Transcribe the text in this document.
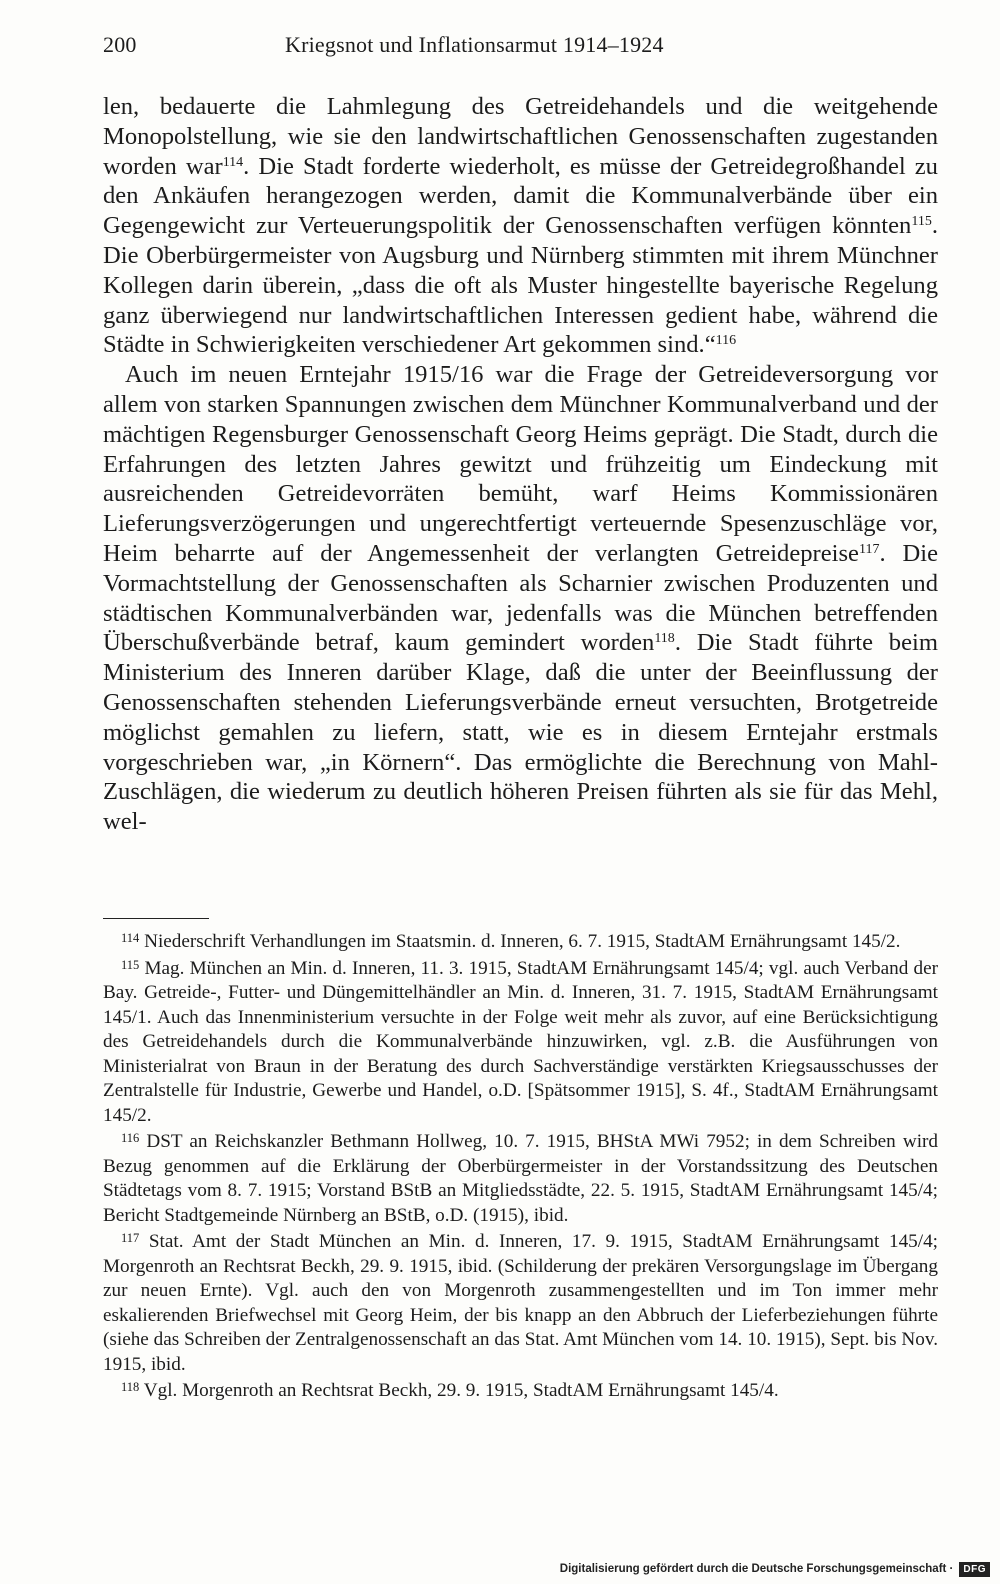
200	Kriegsnot und Inflationsarmut 1914–1924

len, bedauerte die Lahmlegung des Getreidehandels und die weitgehende Monopolstellung, wie sie den landwirtschaftlichen Genossenschaften zugestanden worden war$^{114}$. Die Stadt forderte wiederholt, es müsse der Getreidegroßhandel zu den Ankäufen herangezogen werden, damit die Kommunalverbände über ein Gegengewicht zur Verteuerungspolitik der Genossenschaften verfügen könnten$^{115}$. Die Oberbürgermeister von Augsburg und Nürnberg stimmten mit ihrem Münchner Kollegen darin überein, „dass die oft als Muster hingestellte bayerische Regelung ganz überwiegend nur landwirtschaftlichen Interessen gedient habe, während die Städte in Schwierigkeiten verschiedener Art gekommen sind.“$^{116}$

Auch im neuen Erntejahr 1915/16 war die Frage der Getreideversorgung vor allem von starken Spannungen zwischen dem Münchner Kommunalverband und der mächtigen Regensburger Genossenschaft Georg Heims geprägt. Die Stadt, durch die Erfahrungen des letzten Jahres gewitzt und frühzeitig um Eindeckung mit ausreichenden Getreidevorräten bemüht, warf Heims Kommissionären Lieferungsverzögerungen und ungerechtfertigt verteuernde Spesenzuschläge vor, Heim beharrte auf der Angemessenheit der verlangten Getreidepreise$^{117}$. Die Vormachtstellung der Genossenschaften als Scharnier zwischen Produzenten und städtischen Kommunalverbänden war, jedenfalls was die München betreffenden Überschußverbände betraf, kaum gemindert worden$^{118}$. Die Stadt führte beim Ministerium des Inneren darüber Klage, daß die unter der Beeinflussung der Genossenschaften stehenden Lieferungsverbände erneut versuchten, Brotgetreide möglichst gemahlen zu liefern, statt, wie es in diesem Erntejahr erstmals vorgeschrieben war, „in Körnern“. Das ermöglichte die Berechnung von Mahl-Zuschlägen, die wiederum zu deutlich höheren Preisen führten als sie für das Mehl, wel-

$^{114}$ Niederschrift Verhandlungen im Staatsmin. d. Inneren, 6. 7. 1915, StadtAM Ernährungsamt 145/2.

$^{115}$ Mag. München an Min. d. Inneren, 11. 3. 1915, StadtAM Ernährungsamt 145/4; vgl. auch Verband der Bay. Getreide-, Futter- und Düngemittelhändler an Min. d. Inneren, 31. 7. 1915, StadtAM Ernährungsamt 145/1. Auch das Innenministerium versuchte in der Folge weit mehr als zuvor, auf eine Berücksichtigung des Getreidehandels durch die Kommunalverbände hinzuwirken, vgl. z.B. die Ausführungen von Ministerialrat von Braun in der Beratung des durch Sachverständige verstärkten Kriegsausschusses der Zentralstelle für Industrie, Gewerbe und Handel, o.D. [Spätsommer 1915], S. 4f., StadtAM Ernährungsamt 145/2.

$^{116}$ DST an Reichskanzler Bethmann Hollweg, 10. 7. 1915, BHStA MWi 7952; in dem Schreiben wird Bezug genommen auf die Erklärung der Oberbürgermeister in der Vorstandssitzung des Deutschen Städtetags vom 8. 7. 1915; Vorstand BStB an Mitgliedsstädte, 22. 5. 1915, StadtAM Ernährungsamt 145/4; Bericht Stadtgemeinde Nürnberg an BStB, o.D. (1915), ibid.

$^{117}$ Stat. Amt der Stadt München an Min. d. Inneren, 17. 9. 1915, StadtAM Ernährungsamt 145/4; Morgenroth an Rechtsrat Beckh, 29. 9. 1915, ibid. (Schilderung der prekären Versorgungslage im Übergang zur neuen Ernte). Vgl. auch den von Morgenroth zusammengestellten und im Ton immer mehr eskalierenden Briefwechsel mit Georg Heim, der bis knapp an den Abbruch der Lieferbeziehungen führte (siehe das Schreiben der Zentralgenossenschaft an das Stat. Amt München vom 14. 10. 1915), Sept. bis Nov. 1915, ibid.

$^{118}$ Vgl. Morgenroth an Rechtsrat Beckh, 29. 9. 1915, StadtAM Ernährungsamt 145/4.

Digitalisierung gefördert durch die Deutsche Forschungsgemeinschaft ·	DFG
